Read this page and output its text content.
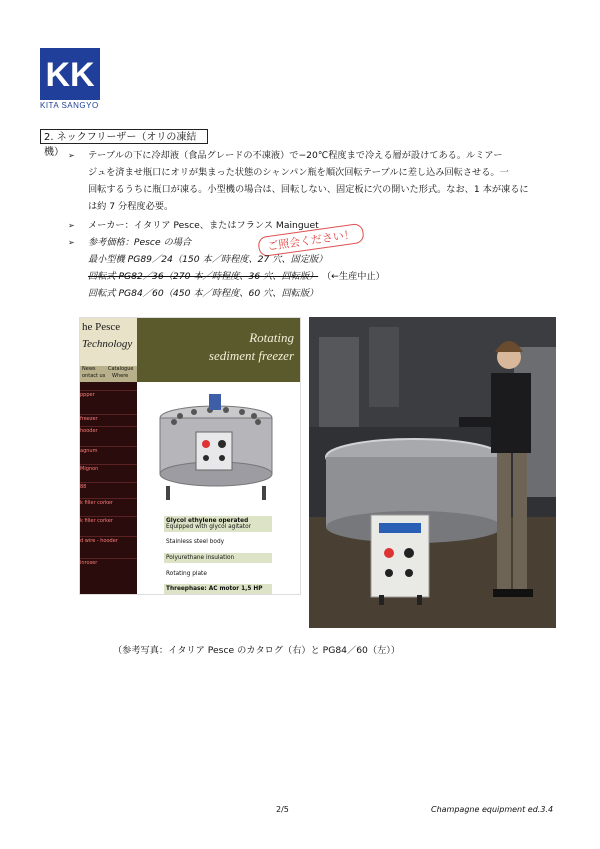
KK
KITA SANGYO
2. ネックフリーザー（オリの凍結機） ➢ テーブルの下に冷却液（食品グレードの不凍液）で−20℃程度まで冷える層が設けてある。ルミアー
ジュを済ませ瓶口にオリが集まった状態のシャンパン瓶を順次回転テーブルに差し込み回転させる。一
回転するうちに瓶口が凍る。小型機の場合は、回転しない、固定板に穴の開いた形式。なお、1 本が凍るに
は約 7 分程度必要。
➢ メーカー：イタリア Pesce、またはフランス Mainguet
➢ 参考価格：Pesce の場合	ご照会ください！
最小型機 PG89／24（150 本／時程度、27 穴、固定版）
回転式 PG82／36（270 本／時程度、36 穴、回転版） （←生産中止）
回転式 PG84／60（450 本／時程度、60 穴、回転版）
he Pesce
Technology
News Catalogue
ontact us Where
Rotating
sediment freezer
ppper
freezer
hooder
agnum
Mignon
88
k filler corker
k filler corker
d wire - hooder
inroser
Glycol ethylene operated
Equipped with glycol agitator
Stainless steel body
Polyurethane insulation
Rotating plate
Threephase: AC motor 1,5 HP
（参考写真：イタリア Pesce のカタログ（右）と PG84／60（左））
2/5	Champagne equipment ed.3.4
